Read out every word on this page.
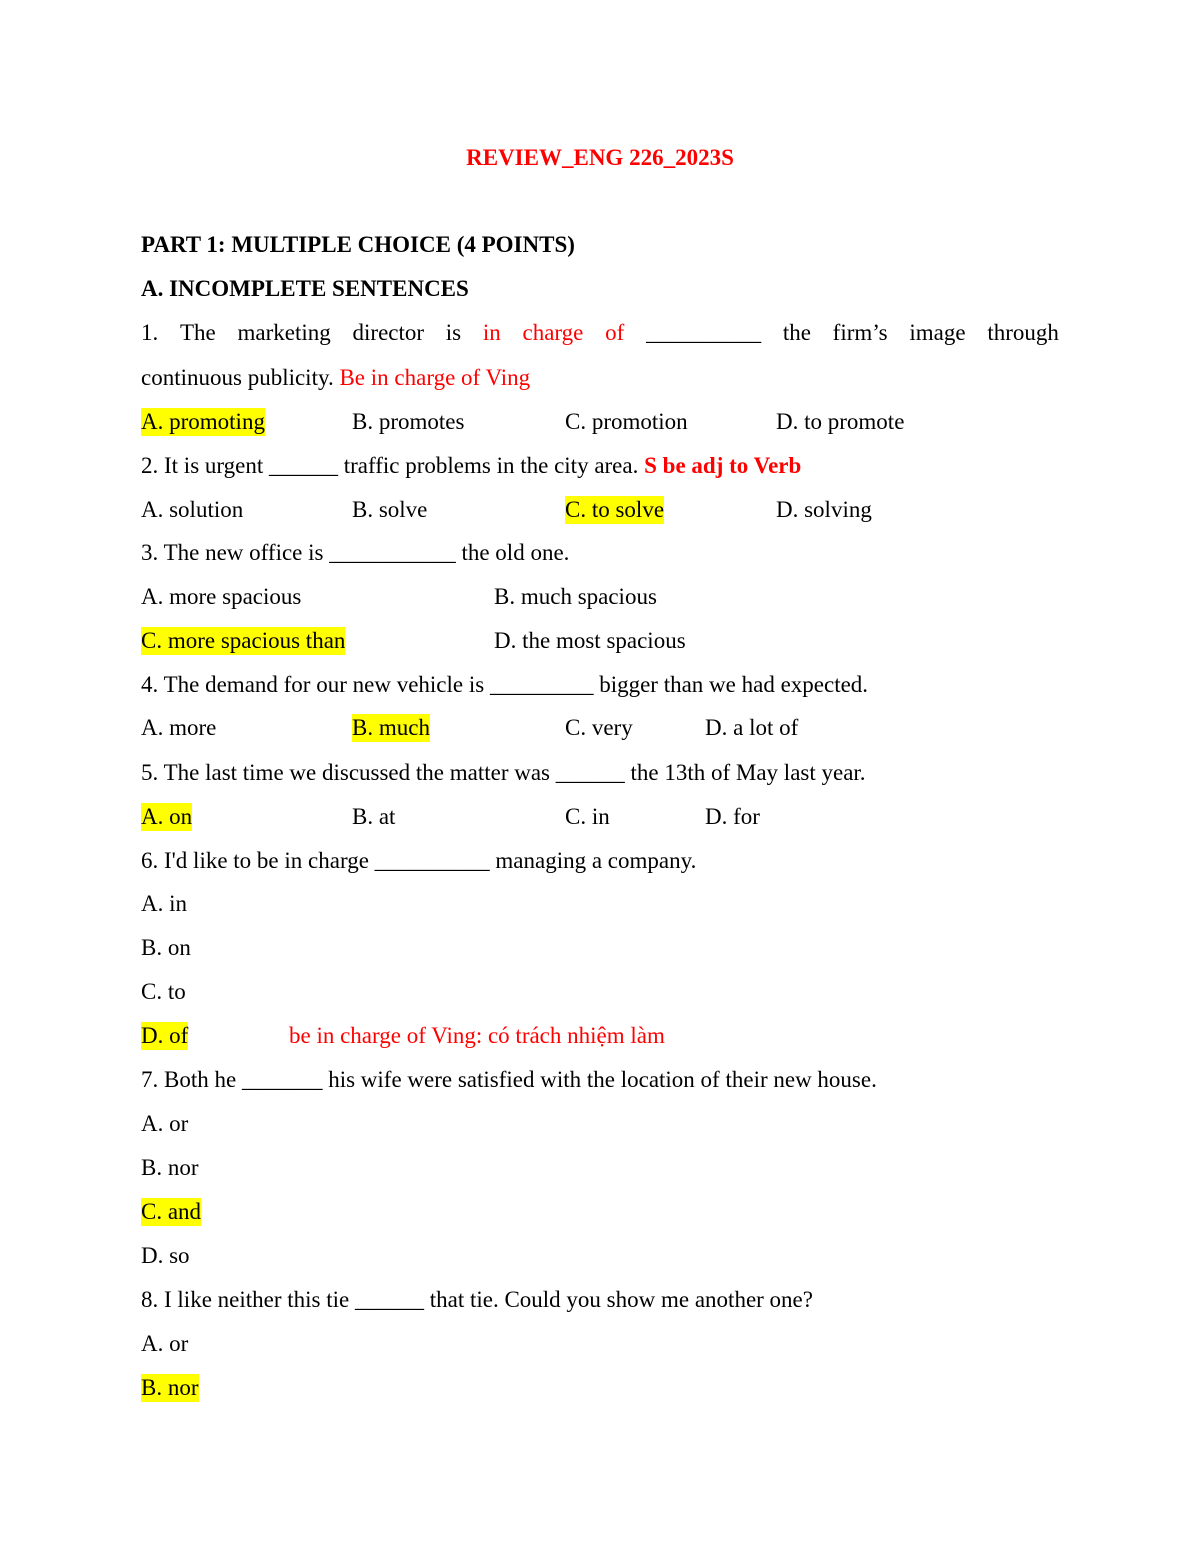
REVIEW_ENG 226_2023S
PART 1: MULTIPLE CHOICE (4 POINTS)
A. INCOMPLETE SENTENCES
1. The marketing director is in charge of __________ the firm’s image through
continuous publicity. Be in charge of Ving
A. promoting	B. promotes	C. promotion	D. to promote
2. It is urgent ______ traffic problems in the city area. S be adj to Verb
A. solution	B. solve	C. to solve	D. solving
3. The new office is ___________ the old one.
A. more spacious	B. much spacious
C. more spacious than	D. the most spacious
4. The demand for our new vehicle is _________ bigger than we had expected.
A. more	B. much	C. very	D. a lot of
5. The last time we discussed the matter was ______ the 13th of May last year.
A. on	B. at	C. in	D. for
6. I'd like to be in charge __________ managing a company.
A. in
B. on
C. to
D. of	be in charge of Ving: có trách nhiệm làm
7. Both he _______ his wife were satisfied with the location of their new house.
A. or
B. nor
C. and
D. so
8. I like neither this tie ______ that tie. Could you show me another one?
A. or
B. nor
